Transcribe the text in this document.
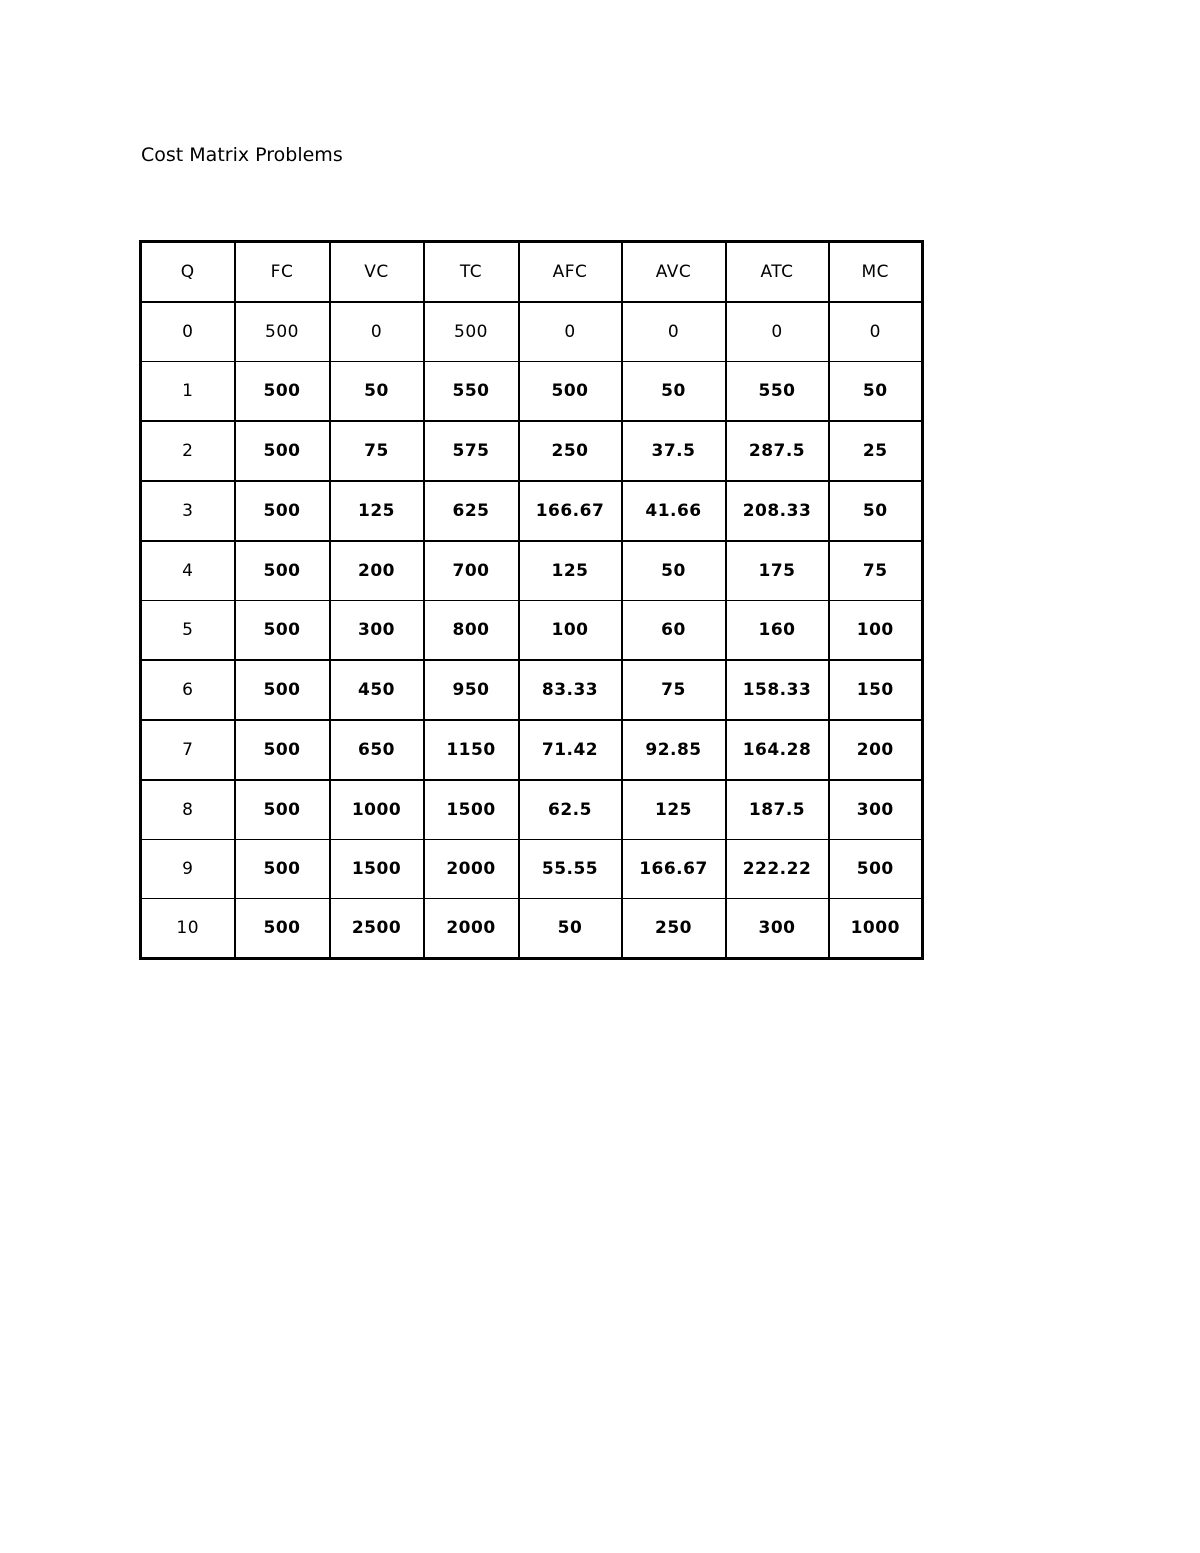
Cost Matrix Problems
Q	FC	VC	TC	AFC	AVC	ATC	MC
0	500	0	500	0	0	0	0
1	500	50	550	500	50	550	50
2	500	75	575	250	37.5	287.5	25
3	500	125	625	166.67	41.66	208.33	50
4	500	200	700	125	50	175	75
5	500	300	800	100	60	160	100
6	500	450	950	83.33	75	158.33	150
7	500	650	1150	71.42	92.85	164.28	200
8	500	1000	1500	62.5	125	187.5	300
9	500	1500	2000	55.55	166.67	222.22	500
10	500	2500	2000	50	250	300	1000
